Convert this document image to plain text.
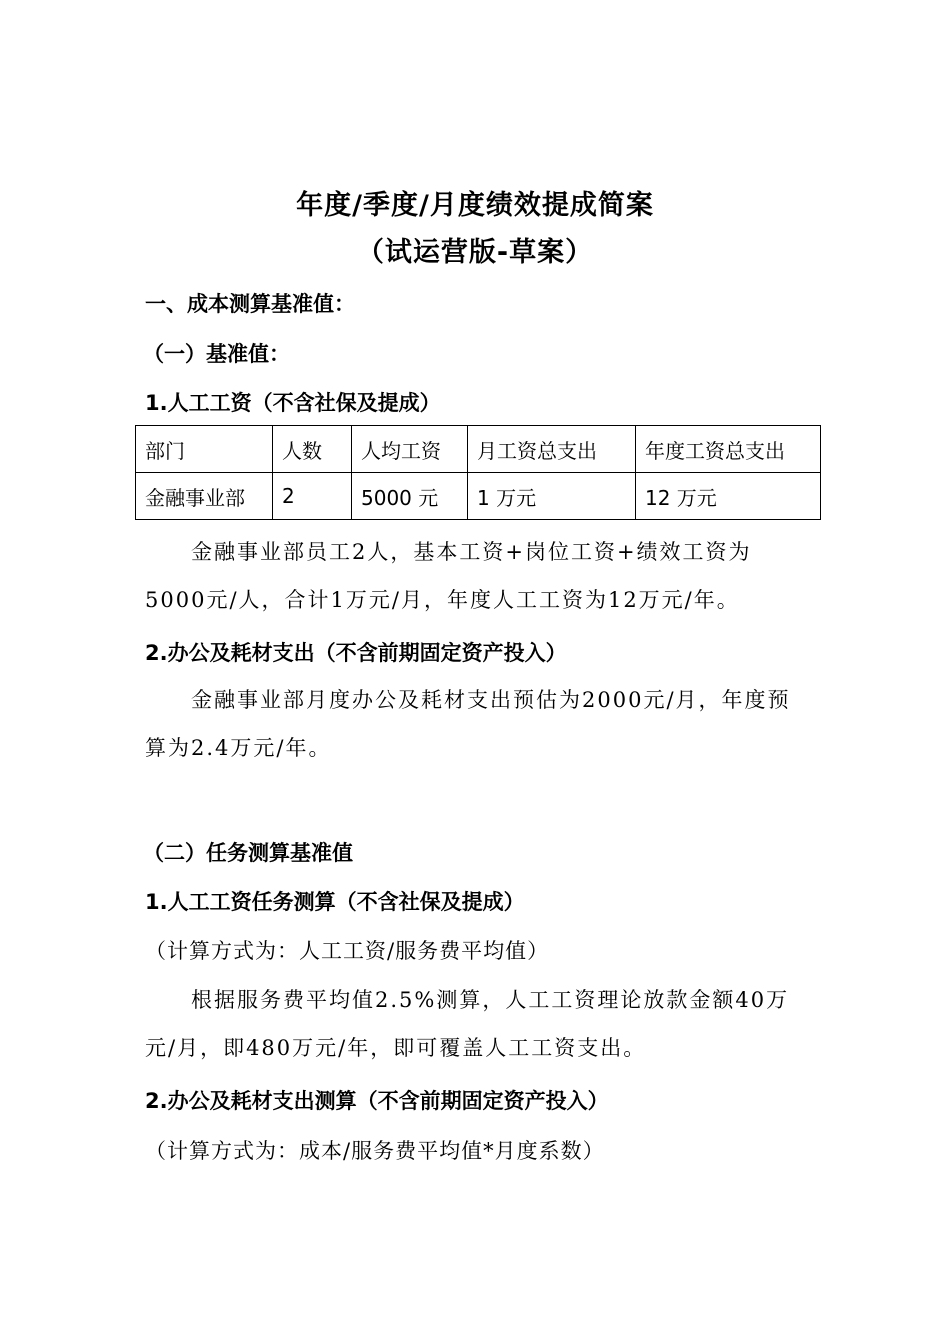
年度/季度/月度绩效提成简案
（试运营版-草案）
一、成本测算基准值：
（一）基准值：
1.人工工资（不含社保及提成）
部门	人数	人均工资	月工资总支出	年度工资总支出
金融事业部	2	5000 元	1 万元	12 万元

金融事业部员工2人，基本工资+岗位工资+绩效工资为5000元/人，合计1万元/月，年度人工工资为12万元/年。

2.办公及耗材支出（不含前期固定资产投入）

金融事业部月度办公及耗材支出预估为2000元/月，年度预算为2.4万元/年。

（二）任务测算基准值
1.人工工资任务测算（不含社保及提成）
（计算方式为：人工工资/服务费平均值）

根据服务费平均值2.5%测算，人工工资理论放款金额40万元/月，即480万元/年，即可覆盖人工工资支出。

2.办公及耗材支出测算（不含前期固定资产投入）
（计算方式为：成本/服务费平均值*月度系数）
